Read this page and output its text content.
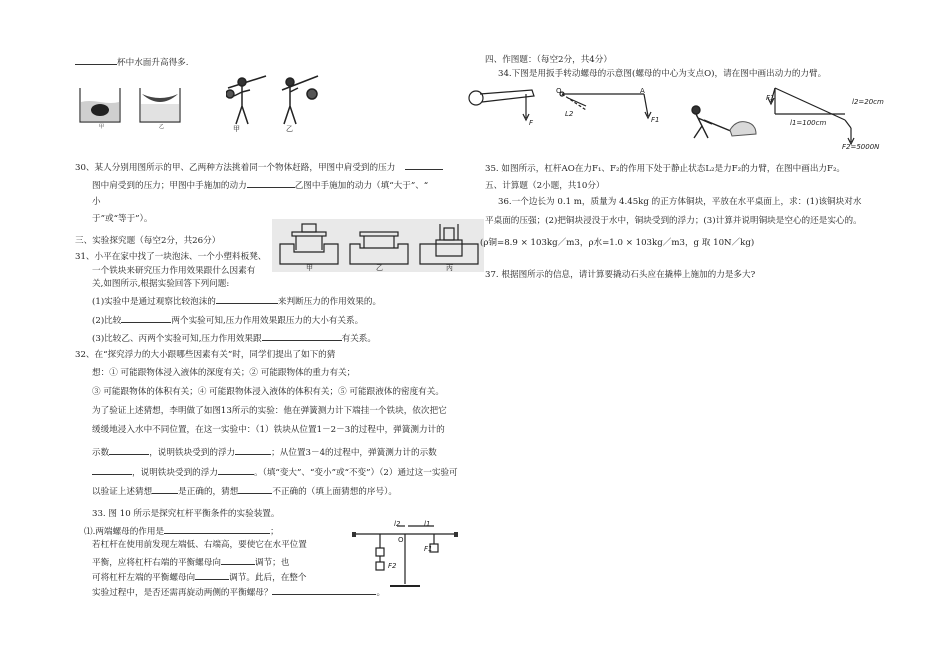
杯中水面升高得多.
甲	乙	甲	乙
30、某人分别用图所示的甲、乙两种方法挑着同一个物体赶路，甲图中肩受到的压力
图中肩受到的压力；甲图中手施加的动力	乙图中手施加的动力（填“大于”、“
小
于”或“等于”）。
三、实验探究题（每空2分，共26分）
甲	乙	丙
31、小平在家中找了一块泡沫、一个小塑料板凳、
一个铁块来研究压力作用效果跟什么因素有
关,如图所示,根据实验回答下列问题:
(1)实验中是通过观察比较泡沫的	来判断压力的作用效果的。
(2)比较	两个实验可知,压力作用效果跟压力的大小有关系。
(3)比较乙、丙两个实验可知,压力作用效果跟	有关系。
32、在“探究浮力的大小跟哪些因素有关”时，同学们提出了如下的猜
想：① 可能跟物体浸入液体的深度有关；② 可能跟物体的重力有关；
③ 可能跟物体的体积有关；④ 可能跟物体浸入液体的体积有关；⑤ 可能跟液体的密度有关。
为了验证上述猜想，李明做了如图13所示的实验：他在弹簧测力计下端挂一个铁块，依次把它
缓缓地浸入水中不同位置，在这一实验中：（1）铁块从位置1－2－3的过程中，弹簧测力计的
示数	，说明铁块受到的浮力	；从位置3－4的过程中，弹簧测力计的示数
，说明铁块受到的浮力	。（填“变大”、“变小”或“不变”）（2）通过这一实验可
以验证上述猜想	是正确的，猜想	不正确的（填上面猜想的序号）。
33. 图 10 所示是探究杠杆平衡条件的实验装置。
⑴.两端螺母的作用是	；
若杠杆在使用前发现左端低、右端高，要使它在水平位置
平衡，应将杠杆右端的平衡螺母向	调节；也
可将杠杆左端的平衡螺母向	调节。此后，在整个
实验过程中，是否还需再旋动两侧的平衡螺母？	。
l2	l1
O
F1
F2
四、作图题：（每空2分，共4分）
34.下图是用扳手转动螺母的示意图(螺母的中心为支点O)，请在图中画出动力的力臂。
F
O	A
L2
F1
F1	l2=20cm
l1=100cm
F2=5000N
35. 如图所示，杠杆AO在力F₁、F₂的作用下处于静止状态L₂是力F₂的力臂，在图中画出力F₂。
五、计算题（2小题，共10分）
36.一个边长为 0.1 m，质量为 4.45kg 的正方体铜块，平放在水平桌面上，求：(1)该铜块对水
平桌面的压强；(2)把铜块浸没于水中，铜块受到的浮力；(3)计算并说明铜块是空心的还是实心的。
(ρ铜=8.9 × 103kg／m3，ρ水=1.0 × 103kg／m3，g 取 10N／kg)
37. 根据图所示的信息，请计算要撬动石头应在撬棒上施加的力是多大?
